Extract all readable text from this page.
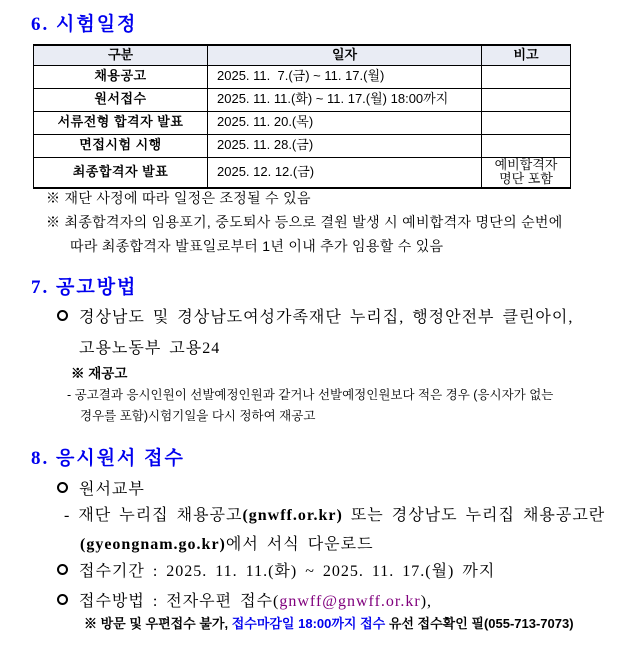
6. 시험일정
구분	일자	비고
채용공고	2025. 11.  7.(금) ~ 11. 17.(월)	
원서접수	2025. 11. 11.(화) ~ 11. 17.(월) 18:00까지	
서류전형 합격자 발표	2025. 11. 20.(목)	
면접시험 시행	2025. 11. 28.(금)	
최종합격자 발표	2025. 12. 12.(금)	예비합격자
명단 포함
※ 재단 사정에 따라 일정은 조정될 수 있음
※ 최종합격자의 임용포기, 중도퇴사 등으로 결원 발생 시 예비합격자 명단의 순번에
따라 최종합격자 발표일로부터 1년 이내 추가 임용할 수 있음
7. 공고방법
경상남도 및 경상남도여성가족재단 누리집, 행정안전부 클린아이,
고용노동부 고용24
※ 재공고
- 공고결과 응시인원이 선발예정인원과 같거나 선발예정인원보다 적은 경우 (응시자가 없는
경우를 포함)시험기일을 다시 정하여 재공고
8. 응시원서 접수
원서교부
- 재단 누리집 채용공고(gnwff.or.kr) 또는 경상남도 누리집 채용공고란
(gyeongnam.go.kr)에서 서식 다운로드
접수기간 : 2025. 11. 11.(화) ~ 2025. 11. 17.(월) 까지
접수방법 : 전자우편 접수(gnwff@gnwff.or.kr),
※ 방문 및 우편접수 불가, 접수마감일 18:00까지 접수 유선 접수확인 필(055-713-7073)
